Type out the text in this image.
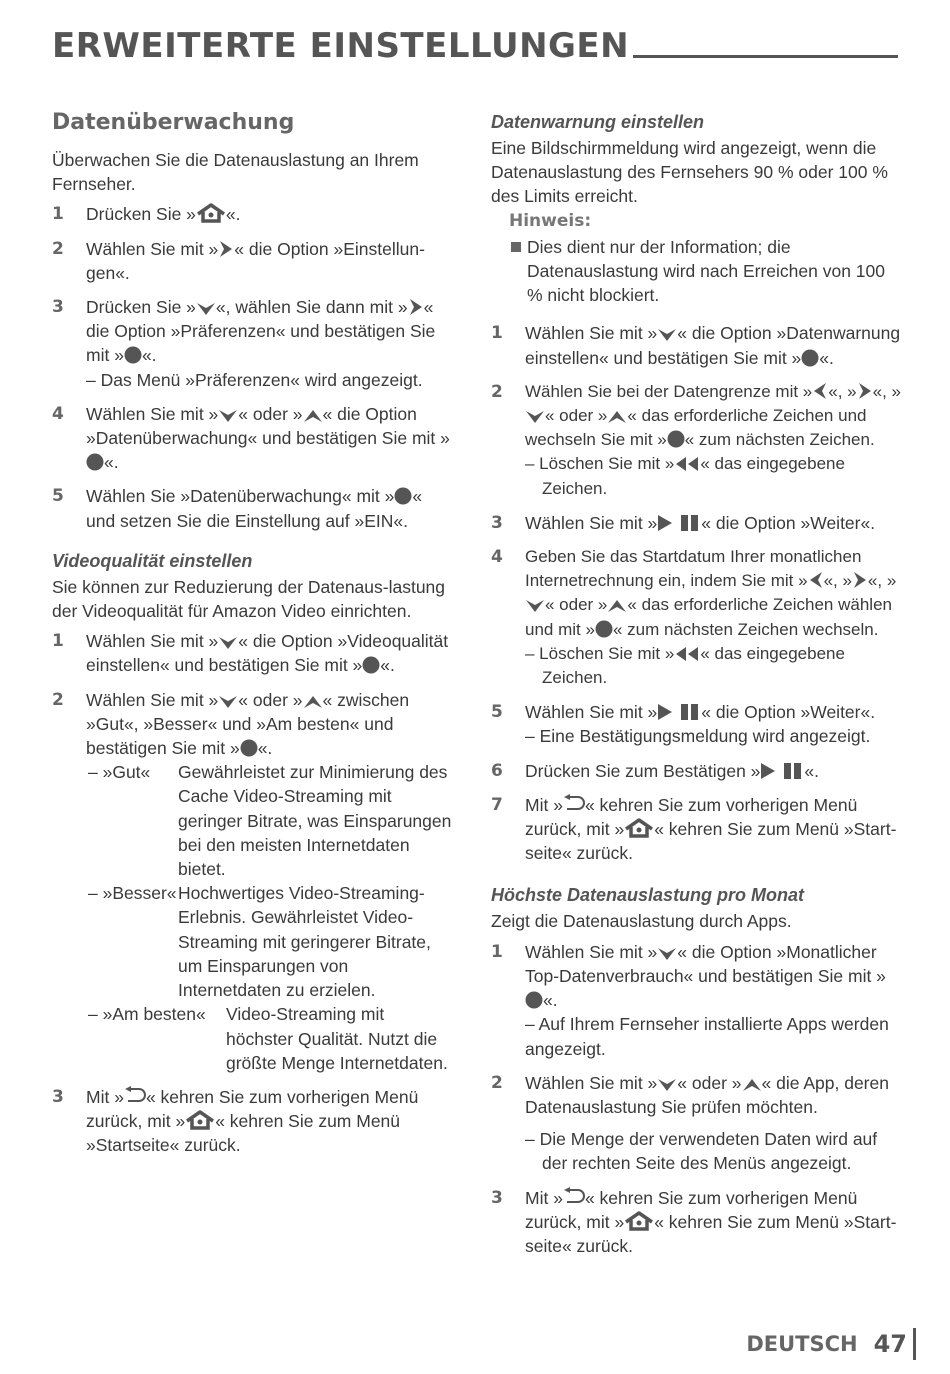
ERWEITERTE EINSTELLUNGEN
Datenüberwachung

Überwachen Sie die Datenauslastung an Ihrem Fernseher.

1 Drücken Sie » «.
2 Wählen Sie mit » « die Option »Einstellun-gen«.
3 Drücken Sie » «, wählen Sie dann mit » « die Option »Präferenzen« und bestätigen Sie mit » «.
– Das Menü »Präferenzen« wird angezeigt.
4 Wählen Sie mit » « oder » « die Option »Datenüberwachung« und bestätigen Sie mit »
«.
5 Wählen Sie »Datenüberwachung« mit » « und setzen Sie die Einstellung auf »EIN«.
Videoqualität einstellen

Sie können zur Reduzierung der Datenaus-lastung der Videoqualität für Amazon Video einrichten.

1 Wählen Sie mit » « die Option »Videoqualität einstellen« und bestätigen Sie mit » «.
2 Wählen Sie mit » « oder » « zwischen »Gut«, »Besser« und »Am besten« und bestätigen Sie mit » «.
– »Gut«	Gewährleistet zur Minimierung des Cache Video-Streaming mit geringer Bitrate, was Einsparungen bei den meisten Internetdaten bietet.
– »Besser« Hochwertiges Video-Streaming-Erlebnis. Gewährleistet Video-Streaming mit geringerer Bitrate, um Einsparungen von Internetdaten zu erzielen.
– »Am besten«	Video-Streaming mit höchster Qualität. Nutzt die größte Menge Internetdaten.
3 Mit » « kehren Sie zum vorherigen Menü zurück, mit » « kehren Sie zum Menü »Startseite« zurück.
Datenwarnung einstellen

Eine Bildschirmmeldung wird angezeigt, wenn die Datenauslastung des Fernsehers 90 % oder 100 % des Limits erreicht.

Hinweis:
Dies dient nur der Information; die Datenauslastung wird nach Erreichen von 100 % nicht blockiert.
1 Wählen Sie mit » « die Option »Datenwarnung einstellen« und bestätigen Sie mit » «.
2 Wählen Sie bei der Datengrenze mit » «, » «, »
« oder » « das erforderliche Zeichen und wechseln Sie mit » « zum nächsten Zeichen.
– Löschen Sie mit » « das eingegebene Zeichen.
3 Wählen Sie mit »	« die Option »Weiter«.
4 Geben Sie das Startdatum Ihrer monatlichen Internetrechnung ein, indem Sie mit » «, » «, »
« oder » « das erforderliche Zeichen wählen und mit » « zum nächsten Zeichen wechseln.
– Löschen Sie mit » « das eingegebene Zeichen.
5 Wählen Sie mit »	« die Option »Weiter«.
– Eine Bestätigungsmeldung wird angezeigt.
6 Drücken Sie zum Bestätigen »	«.
7 Mit » « kehren Sie zum vorherigen Menü zurück, mit » « kehren Sie zum Menü »Start-seite« zurück.
Höchste Datenauslastung pro Monat

Zeigt die Datenauslastung durch Apps.

1 Wählen Sie mit » « die Option »Monatlicher Top-Datenverbrauch« und bestätigen Sie mit »
«.
– Auf Ihrem Fernseher installierte Apps werden angezeigt.
2 Wählen Sie mit » « oder » « die App, deren Datenauslastung Sie prüfen möchten.
– Die Menge der verwendeten Daten wird auf der rechten Seite des Menüs angezeigt.
3 Mit » « kehren Sie zum vorherigen Menü zurück, mit » « kehren Sie zum Menü »Start-seite« zurück.
DEUTSCH 47
